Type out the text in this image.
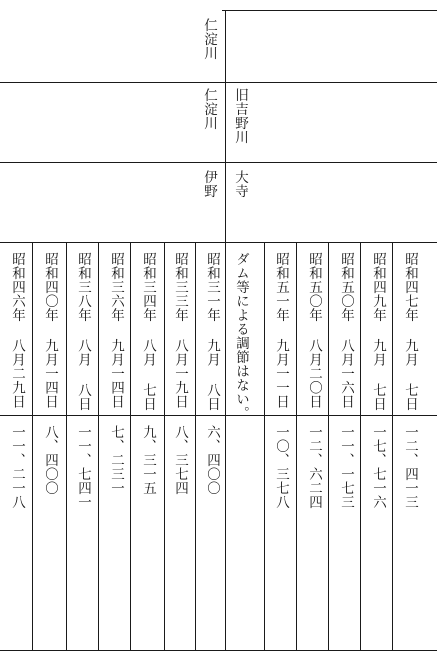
仁淀川
仁淀川 旧吉野川
伊野 大寺
ダム等による調節はない。	昭和四七年 九月 七日
一二、四一三
昭和四九年 九月 七日
一七、七一六
昭和五〇年 八月一六日
一一、一七三
昭和五〇年 八月二〇日
一二、六二四
昭和五一年 九月一一日
一〇、三七八
昭和三一年 九月 八日
六、四〇〇
昭和三三年 八月一九日
八、三七四
昭和三四年 八月 七日
九、三一五
昭和三六年 九月一四日
七、二三一
昭和三八年 八月 八日
一一、七四一
昭和四〇年 九月一四日
八、四〇〇
昭和四六年 八月二九日
一一、二一八
